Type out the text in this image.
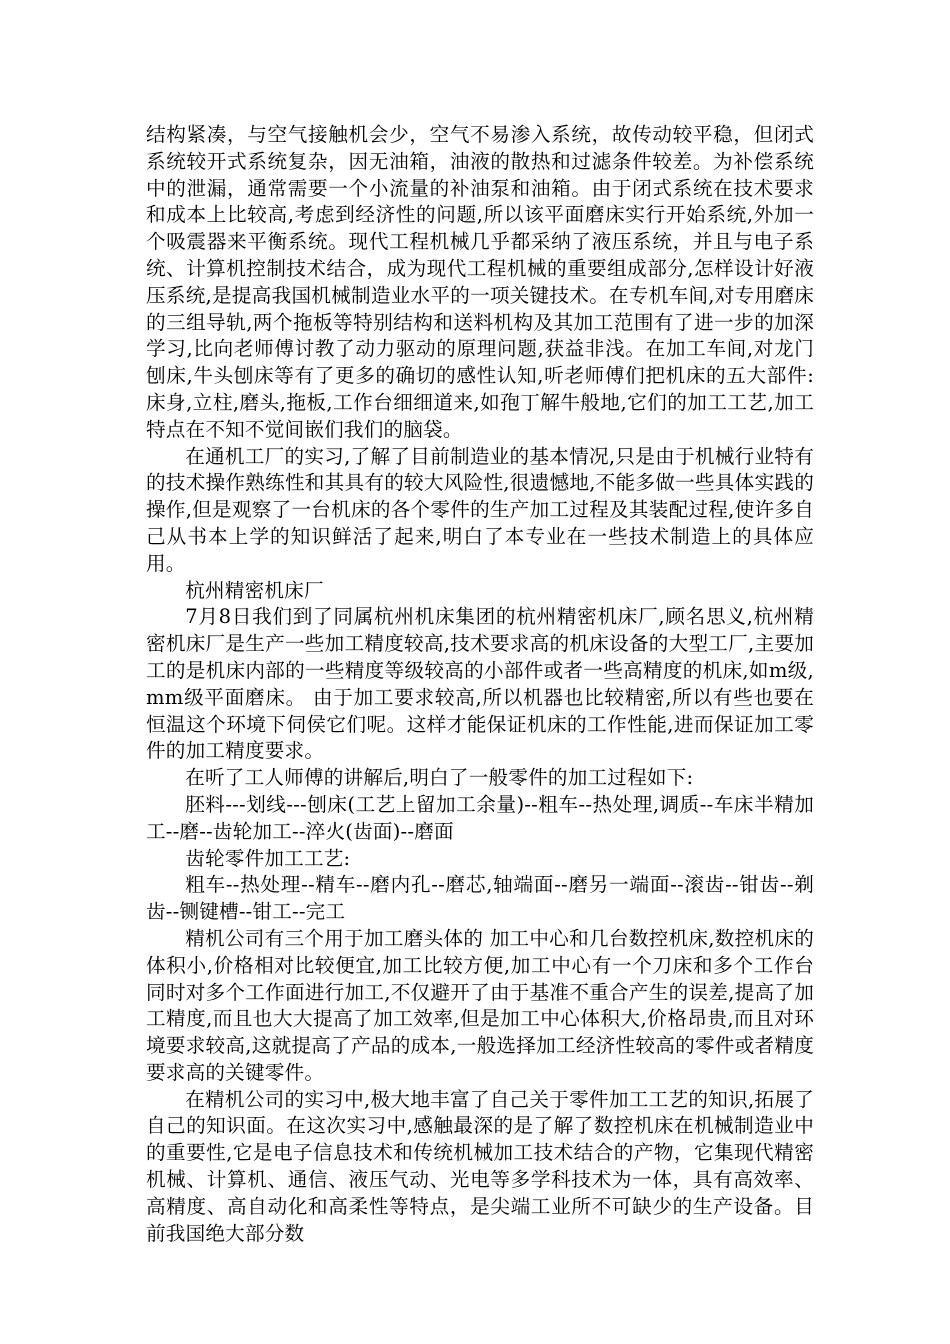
结构紧凑，与空气接触机会少，空气不易渗入系统，故传动较平稳，但闭式系统较开式系统复杂，因无油箱，油液的散热和过滤条件较差。为补偿系统中的泄漏，通常需要一个小流量的补油泵和油箱。由于闭式系统在技术要求和成本上比较高,考虑到经济性的问题,所以该平面磨床实行开始系统,外加一个吸震器来平衡系统。现代工程机械几乎都采纳了液压系统，并且与电子系统、计算机控制技术结合，成为现代工程机械的重要组成部分,怎样设计好液压系统,是提高我国机械制造业水平的一项关键技术。在专机车间,对专用磨床的三组导轨,两个拖板等特别结构和送料机构及其加工范围有了进一步的加深学习,比向老师傅讨教了动力驱动的原理问题,获益非浅。在加工车间,对龙门刨床,牛头刨床等有了更多的确切的感性认知,听老师傅们把机床的五大部件:床身,立柱,磨头,拖板,工作台细细道来,如孢丁解牛般地,它们的加工工艺,加工特点在不知不觉间嵌们我们的脑袋。

在通机工厂的实习,了解了目前制造业的基本情况,只是由于机械行业特有的技术操作熟练性和其具有的较大风险性,很遗憾地,不能多做一些具体实践的操作,但是观察了一台机床的各个零件的生产加工过程及其装配过程,使许多自己从书本上学的知识鲜活了起来,明白了本专业在一些技术制造上的具体应用。

杭州精密机床厂

7月8日我们到了同属杭州机床集团的杭州精密机床厂,顾名思义,杭州精密机床厂是生产一些加工精度较高,技术要求高的机床设备的大型工厂,主要加工的是机床内部的一些精度等级较高的小部件或者一些高精度的机床,如m级,mm级平面磨床。 由于加工要求较高,所以机器也比较精密,所以有些也要在恒温这个环境下伺侯它们呢。这样才能保证机床的工作性能,进而保证加工零件的加工精度要求。

在听了工人师傅的讲解后,明白了一般零件的加工过程如下:

胚料---划线---刨床(工艺上留加工余量)--粗车--热处理,调质--车床半精加工--磨--齿轮加工--淬火(齿面)--磨面

齿轮零件加工工艺:

粗车--热处理--精车--磨内孔--磨芯,轴端面--磨另一端面--滚齿--钳齿--剃齿--铡键槽--钳工--完工

精机公司有三个用于加工磨头体的 加工中心和几台数控机床,数控机床的体积小,价格相对比较便宜,加工比较方便,加工中心有一个刀床和多个工作台同时对多个工作面进行加工,不仅避开了由于基准不重合产生的误差,提高了加工精度,而且也大大提高了加工效率,但是加工中心体积大,价格昂贵,而且对环境要求较高,这就提高了产品的成本,一般选择加工经济性较高的零件或者精度要求高的关键零件。

在精机公司的实习中,极大地丰富了自己关于零件加工工艺的知识,拓展了自己的知识面。在这次实习中,感触最深的是了解了数控机床在机械制造业中的重要性,它是电子信息技术和传统机械加工技术结合的产物，它集现代精密机械、计算机、通信、液压气动、光电等多学科技术为一体，具有高效率、高精度、高自动化和高柔性等特点，是尖端工业所不可缺少的生产设备。目前我国绝大部分数
